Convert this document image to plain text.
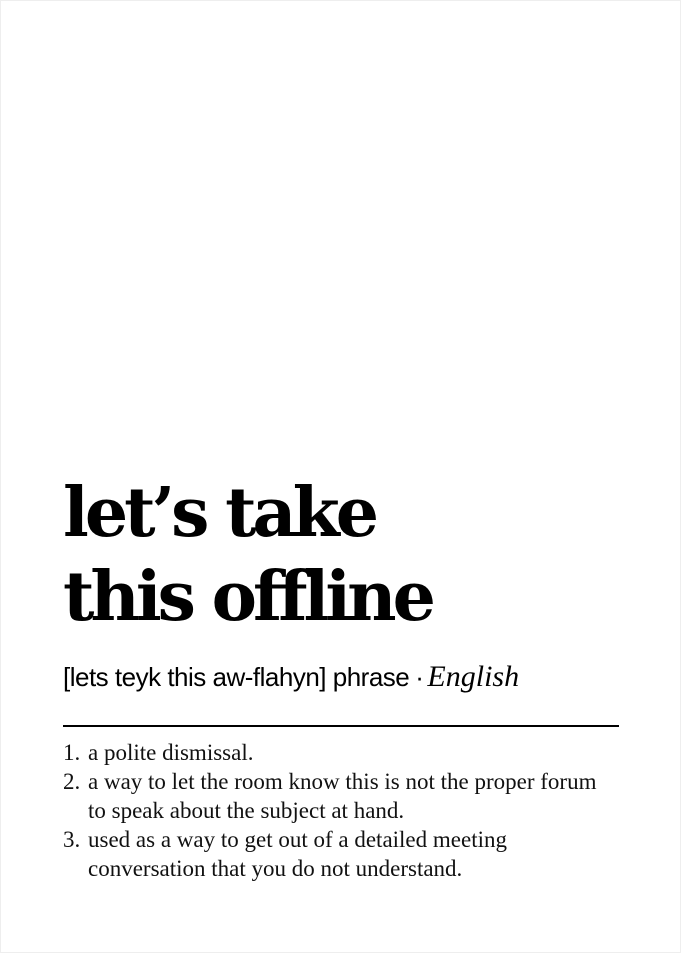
let’s take
this offline
[lets teyk this aw-flahyn] phrase · English
1. a polite dismissal.
2. a way to let the room know this is not the proper forum to speak about the subject at hand.
3. used as a way to get out of a detailed meeting conversation that you do not understand.
